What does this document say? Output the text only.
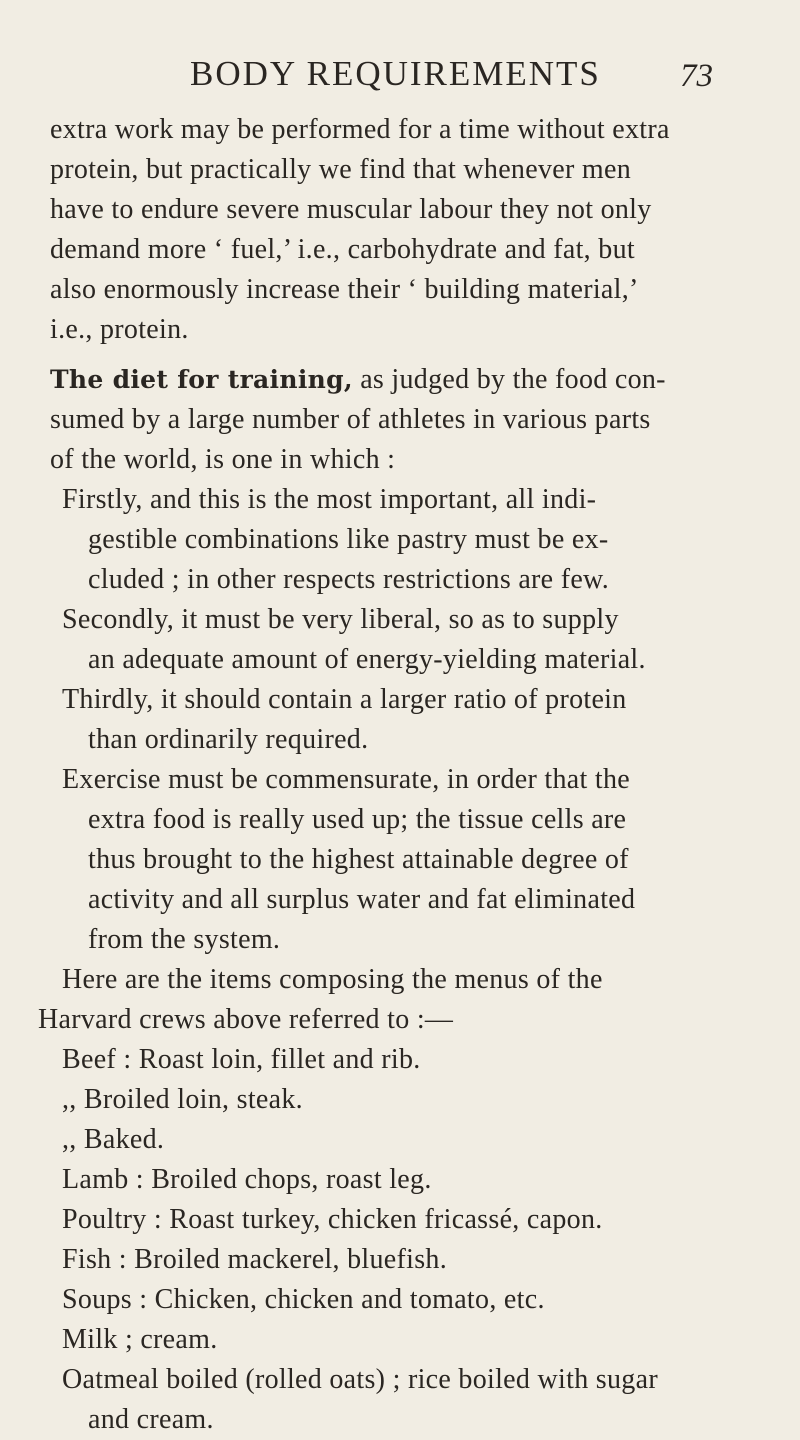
BODY REQUIREMENTS 73
extra work may be performed for a time without extra
protein, but practically we find that whenever men
have to endure severe muscular labour they not only
demand more ‘ fuel,’ i.e., carbohydrate and fat, but
also enormously increase their ‘ building material,’
i.e., protein.
The diet for training, as judged by the food con-
sumed by a large number of athletes in various parts
of the world, is one in which :
Firstly, and this is the most important, all indi-
gestible combinations like pastry must be ex-
cluded ; in other respects restrictions are few.
Secondly, it must be very liberal, so as to supply
an adequate amount of energy-yielding material.
Thirdly, it should contain a larger ratio of protein
than ordinarily required.
Exercise must be commensurate, in order that the
extra food is really used up; the tissue cells are
thus brought to the highest attainable degree of
activity and all surplus water and fat eliminated
from the system.
Here are the items composing the menus of the
Harvard crews above referred to :—
Beef : Roast loin, fillet and rib.
,, Broiled loin, steak.
,, Baked.
Lamb : Broiled chops, roast leg.
Poultry : Roast turkey, chicken fricassé, capon.
Fish : Broiled mackerel, bluefish.
Soups : Chicken, chicken and tomato, etc.
Milk ; cream.
Oatmeal boiled (rolled oats) ; rice boiled with sugar
and cream.
